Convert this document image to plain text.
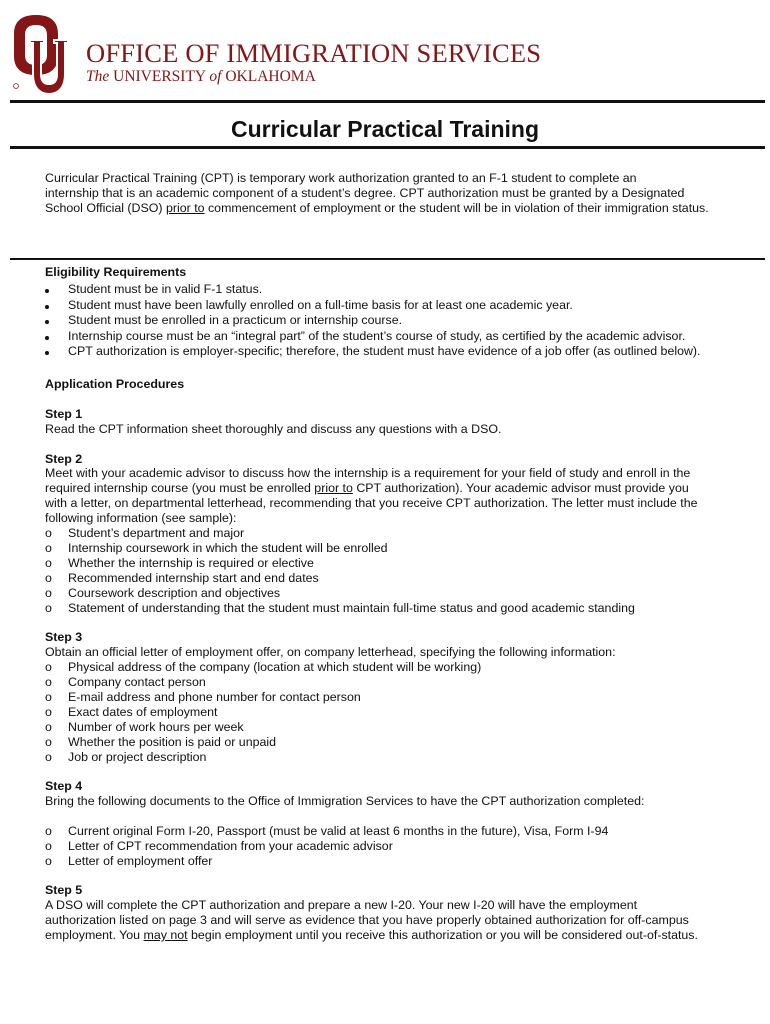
OFFICE OF IMMIGRATION SERVICES
The UNIVERSITY of OKLAHOMA
Curricular Practical Training
Curricular Practical Training (CPT) is temporary work authorization granted to an F-1 student to complete an
internship that is an academic component of a student’s degree. CPT authorization must be granted by a Designated
School Official (DSO) prior to commencement of employment or the student will be in violation of their immigration status.
Eligibility Requirements
Student must be in valid F-1 status.
Student must have been lawfully enrolled on a full-time basis for at least one academic year.
Student must be enrolled in a practicum or internship course.
Internship course must be an “integral part” of the student’s course of study, as certified by the academic advisor.
CPT authorization is employer-specific; therefore, the student must have evidence of a job offer (as outlined below).
Application Procedures
Step 1
Read the CPT information sheet thoroughly and discuss any questions with a DSO.
Step 2
Meet with your academic advisor to discuss how the internship is a requirement for your field of study and enroll in the
required internship course (you must be enrolled prior to CPT authorization). Your academic advisor must provide you
with a letter, on departmental letterhead, recommending that you receive CPT authorization. The letter must include the
following information (see sample):
o	Student’s department and major
o	Internship coursework in which the student will be enrolled
o	Whether the internship is required or elective
o	Recommended internship start and end dates
o	Coursework description and objectives
o	Statement of understanding that the student must maintain full-time status and good academic standing
Step 3
Obtain an official letter of employment offer, on company letterhead, specifying the following information:
o	Physical address of the company (location at which student will be working)
o	Company contact person
o	E-mail address and phone number for contact person
o	Exact dates of employment
o	Number of work hours per week
o	Whether the position is paid or unpaid
o	Job or project description
Step 4
Bring the following documents to the Office of Immigration Services to have the CPT authorization completed:
o	Current original Form I-20, Passport (must be valid at least 6 months in the future), Visa, Form I-94
o	Letter of CPT recommendation from your academic advisor
o	Letter of employment offer
Step 5
A DSO will complete the CPT authorization and prepare a new I-20. Your new I-20 will have the employment
authorization listed on page 3 and will serve as evidence that you have properly obtained authorization for off-campus
employment. You may not begin employment until you receive this authorization or you will be considered out-of-status.
